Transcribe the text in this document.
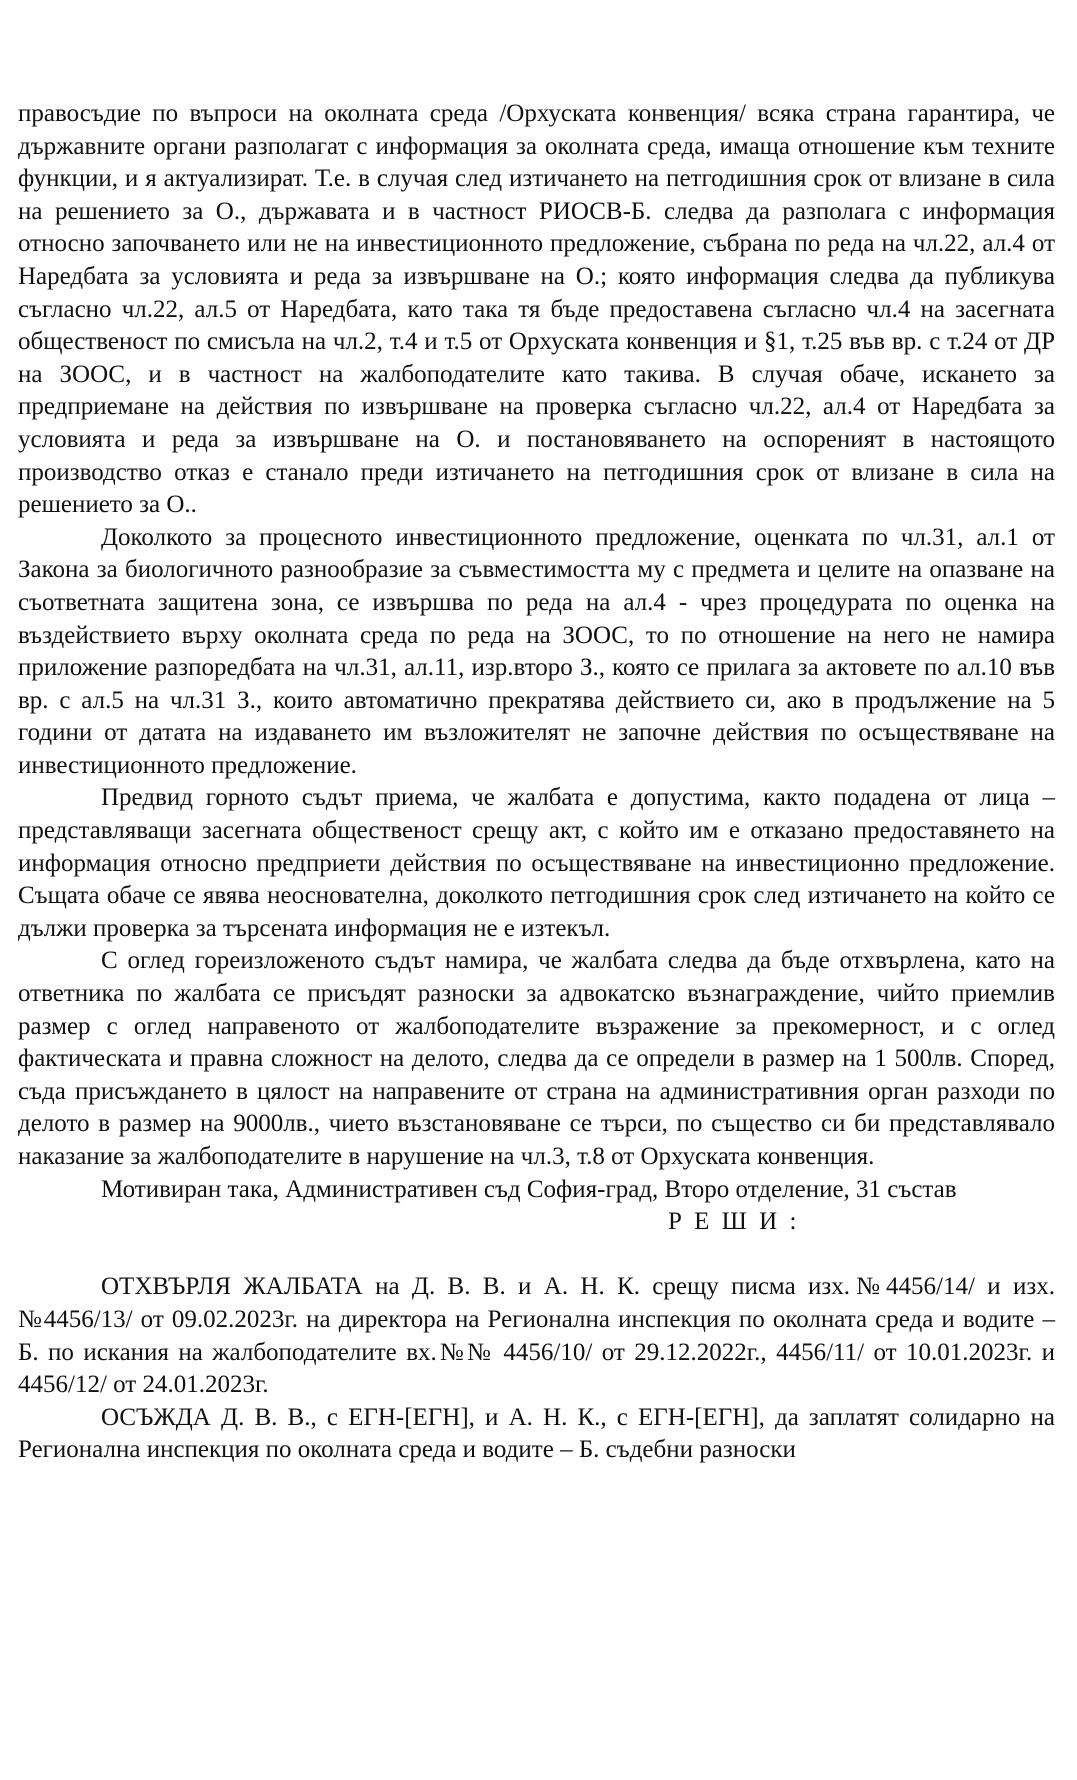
правосъдие по въпроси на околната среда /Орхуската конвенция/ всяка страна гарантира, че държавните органи разполагат с информация за околната среда, имаща отношение към техните функции, и я актуализират. Т.е. в случая след изтичането на петгодишния срок от влизане в сила на решението за О., държавата и в частност РИОСВ-Б. следва да разполага с информация относно започването или не на инвестиционното предложение, събрана по реда на чл.22, ал.4 от Наредбата за условията и реда за извършване на О.; която информация следва да публикува съгласно чл.22, ал.5 от Наредбата, като така тя бъде предоставена съгласно чл.4 на засегната общественост по смисъла на чл.2, т.4 и т.5 от Орхуската конвенция и §1, т.25 във вр. с т.24 от ДР на ЗООС, и в частност на жалбоподателите като такива. В случая обаче, искането за предприемане на действия по извършване на проверка съгласно чл.22, ал.4 от Наредбата за условията и реда за извършване на О. и постановяването на оспореният в настоящото производство отказ е станало преди изтичането на петгодишния срок от влизане в сила на решението за О..

Доколкото за процесното инвестиционното предложение, оценката по чл.31, ал.1 от Закона за биологичното разнообразие за съвместимостта му с предмета и целите на опазване на съответната защитена зона, се извършва по реда на ал.4 - чрез процедурата по оценка на въздействието върху околната среда по реда на ЗООС, то по отношение на него не намира приложение разпоредбата на чл.31, ал.11, изр.второ З., която се прилага за актовете по ал.10 във вр. с ал.5 на чл.31 З., които автоматично прекратява действието си, ако в продължение на 5 години от датата на издаването им възложителят не започне действия по осъществяване на инвестиционното предложение.

Предвид горното съдът приема, че жалбата е допустима, както подадена от лица – представляващи засегната общественост срещу акт, с който им е отказано предоставянето на информация относно предприети действия по осъществяване на инвестиционно предложение. Същата обаче се явява неоснователна, доколкото петгодишния срок след изтичането на който се дължи проверка за търсената информация не е изтекъл.

С оглед гореизложеното съдът намира, че жалбата следва да бъде отхвърлена, като на ответника по жалбата се присъдят разноски за адвокатско възнаграждение, чийто приемлив размер с оглед направеното от жалбоподателите възражение за прекомерност, и с оглед фактическата и правна сложност на делото, следва да се определи в размер на 1 500лв. Според, съда присъждането в цялост на направените от страна на административния орган разходи по делото в размер на 9000лв., чието възстановяване се търси, по същество си би представлявало наказание за жалбоподателите в нарушение на чл.3, т.8 от Орхуската конвенция.

Мотивиран така, Административен съд София-град, Второ отделение, 31 състав

Р Е Ш И :

ОТХВЪРЛЯ ЖАЛБАТА на Д. В. В. и А. Н. К. срещу писма изх.№4456/14/ и изх.№4456/13/ от 09.02.2023г. на директора на Регионална инспекция по околната среда и водите – Б. по искания на жалбоподателите вх.№№ 4456/10/ от 29.12.2022г., 4456/11/ от 10.01.2023г. и 4456/12/ от 24.01.2023г.

ОСЪЖДА Д. В. В., с ЕГН-[ЕГН], и А. Н. К., с ЕГН-[ЕГН], да заплатят солидарно на Регионална инспекция по околната среда и водите – Б. съдебни разноски
